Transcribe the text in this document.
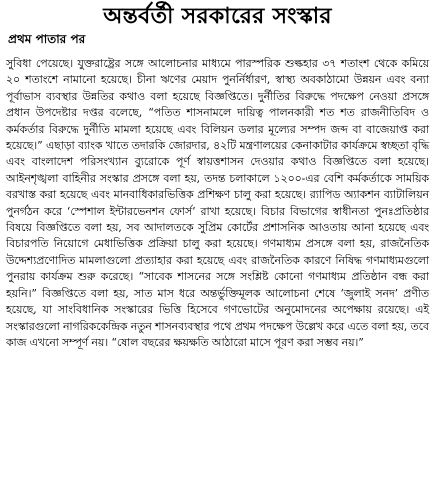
অন্তর্বর্তী সরকারের সংস্কার
প্রথম পাতার পর

সুবিধা পেয়েছে। যুক্তরাষ্ট্রের সঙ্গে আলোচনার মাধ্যমে পারস্পরিক শুল্কহার ৩৭ শতাংশ থেকে কমিয়ে ২০ শতাংশে নামানো হয়েছে। চীনা ঋণের মেয়াদ পুনর্নির্ধারণ, স্বাস্থ্য অবকাঠামো উন্নয়ন এবং বন্যা পূর্বাভাস ব্যবস্থার উন্নতির কথাও বলা হয়েছে বিজ্ঞপ্তিতে। দুর্নীতির বিরুদ্ধে পদক্ষেপ নেওয়া প্রসঙ্গে প্রধান উপদেষ্টার দপ্তর বলেছে, “পতিত শাসনামলে দায়িত্ব পালনকারী শত শত রাজনীতিবিদ ও কর্মকর্তার বিরুদ্ধে দুর্নীতি মামলা হয়েছে এবং বিলিয়ন ডলার মূল্যের সম্পদ জব্দ বা বাজেয়াপ্ত করা হয়েছে।” এছাড়া ব্যাংক খাতে তদারকি জোরদার, ৪২টি মন্ত্রণালয়ের কেনাকাটার কার্যক্রমে স্বচ্ছতা বৃদ্ধি এবং বাংলাদেশ পরিসংখ্যান ব্যুরোকে পূর্ণ স্বায়ত্তশাসন দেওয়ার কথাও বিজ্ঞপ্তিতে বলা হয়েছে। আইনশৃঙ্খলা বাহিনীর সংস্কার প্রসঙ্গে বলা হয়, তদন্ত চলাকালে ১২০০-এর বেশি কর্মকর্তাকে সাময়িক বরখাস্ত করা হয়েছে এবং মানবাধিকারভিত্তিক প্রশিক্ষণ চালু করা হয়েছে। র‍্যাপিড অ্যাকশন ব্যাটালিয়ন পুনর্গঠন করে ‘স্পেশাল ইন্টারভেনশন ফোর্স’ রাখা হয়েছে। বিচার বিভাগের স্বাধীনতা পুনঃপ্রতিষ্ঠার বিষয়ে বিজ্ঞপ্তিতে বলা হয়, সব আদালতকে সুপ্রিম কোর্টের প্রশাসনিক আওতায় আনা হয়েছে এবং বিচারপতি নিয়োগে মেধাভিত্তিক প্রক্রিয়া চালু করা হয়েছে। গণমাধ্যম প্রসঙ্গে বলা হয়, রাজনৈতিক উদ্দেশ্যপ্রণোদিত মামলাগুলো প্রত্যাহার করা হয়েছে এবং রাজনৈতিক কারণে নিষিদ্ধ গণমাধ্যমগুলো পুনরায় কার্যক্রম শুরু করেছে। “সাবেক শাসনের সঙ্গে সংশ্লিষ্ট কোনো গণমাধ্যম প্রতিষ্ঠান বন্ধ করা হয়নি।” বিজ্ঞপ্তিতে বলা হয়, সাত মাস ধরে অন্তর্ভুক্তিমূলক আলোচনা শেষে ‘জুলাই সনদ’ প্রণীত হয়েছে, যা সাংবিধানিক সংস্কারের ভিত্তি হিসেবে গণভোটের অনুমোদনের অপেক্ষায় রয়েছে। এই সংস্কারগুলো নাগরিককেন্দ্রিক নতুন শাসনব্যবস্থার পথে প্রথম পদক্ষেপ উল্লেখ করে এতে বলা হয়, তবে কাজ এখনো সম্পূর্ণ নয়। “ষোল বছরের ক্ষয়ক্ষতি আঠারো মাসে পূরণ করা সম্ভব নয়।”
